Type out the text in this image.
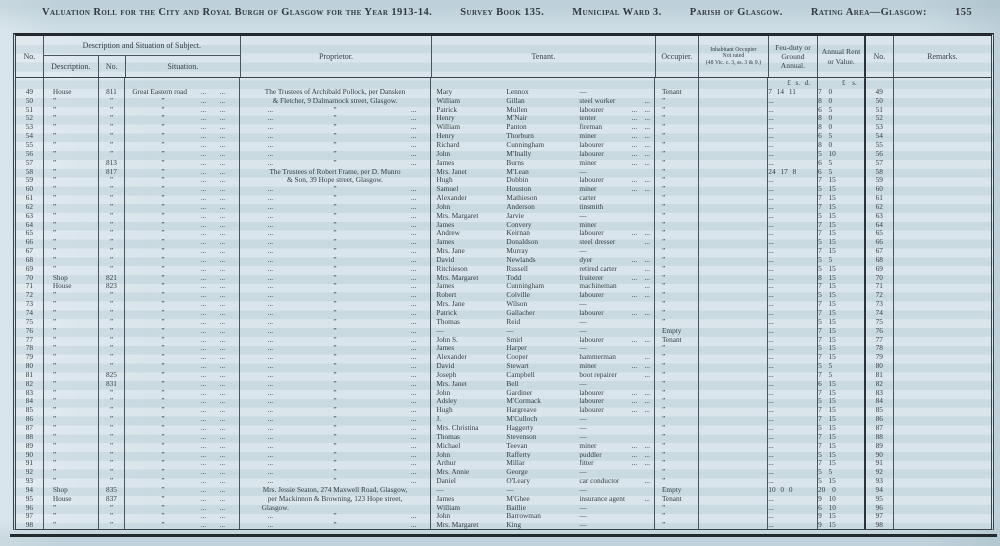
Valuation Roll for the City and Royal Burgh of Glasgow for the Year 1913-14.	Survey Book 135.	Municipal Ward 3.	Parish of Glasgow.	Rating Area—Glasgow:	155
No.
Description and Situation of Subject.
Description.	No.	Situation.
Proprietor.	Tenant.	Occupier.
Inhabitant Occupier
Not rated
(48 Vic. c. 3, ss. 3 & 9.)
Feu-duty or Ground Annual.
Annual Rent or Value.	No.	Remarks.
£ s. d.	£ s.
49	House	811	Great Eastern road	...	...	The Trustees of Archibald Pollock, per Dansken	Mary	Lennox	—	Tenant	7 14 11	7 0	49
50	”	”	”	...	...	& Fletcher, 9 Dalmarnock street, Glasgow.	William	Gillan	steel worker	...	”	...	8 0	50
51	”	”	”	...	...	...	”	...	Patrick	Mullen	labourer	... ...	”	...	6 5	51
52	”	”	”	...	...	...	”	...	Henry	M'Nair	tenter	... ...	”	...	8 0	52
53	”	”	”	...	...	...	”	...	William	Panton	fireman	... ...	”	...	8 0	53
54	”	”	”	...	...	...	”	...	Henry	Thorburn	miner	... ...	”	...	6 5	54
55	”	”	”	...	...	...	”	...	Richard	Cunningham	labourer	... ...	”	...	8 0	55
56	”	”	”	...	...	...	”	...	John	M'Inally	labourer	... ...	”	...	5 10	56
57	”	813	”	...	...	...	”	...	James	Burns	miner	... ...	”	...	6 5	57
58	”	817	”	...	...	The Trustees of Robert Frame, per D. Munro	Mrs. Janet	M'Lean	—	”	24 17 8	6 5	58
59	”	”	”	...	...	& Son, 39 Hope street, Glasgow.	Hugh	Dobbin	labourer	... ...	”	...	7 15	59
60	”	”	”	...	...	...	”	...	Samuel	Houston	miner	... ...	”	...	5 15	60
61	”	”	”	...	...	...	”	...	Alexander	Mathieson	carter	”	...	7 15	61
62	”	”	”	...	...	...	”	...	John	Anderson	tinsmith	”	...	7 15	62
63	”	”	”	...	...	...	”	...	Mrs. Margaret	Jarvie	—	”	...	5 15	63
64	”	”	”	...	...	...	”	...	James	Convery	miner	”	...	7 15	64
65	”	”	”	...	...	...	”	...	Andrew	Keirnan	labourer	... ...	”	...	7 15	65
66	”	”	”	...	...	...	”	...	James	Donaldson	steel dresser	...	”	...	5 15	66
67	”	”	”	...	...	...	”	...	Mrs. Jane	Murray	—	”	...	7 15	67
68	”	”	”	...	...	...	”	...	David	Newlands	dyer	... ...	”	...	5 5	68
69	”	”	”	...	...	...	”	...	Ritchieson	Russell	retired carter	...	”	...	5 15	69
70	Shop	821	”	...	...	...	”	...	Mrs. Margaret	Todd	fruiterer	... ...	”	...	8 15	70
71	House	823	”	...	...	...	”	...	James	Cunningham	machineman	...	”	...	7 15	71
72	”	”	”	...	...	...	”	...	Robert	Colville	labourer	... ...	”	...	5 15	72
73	”	”	”	...	...	...	”	...	Mrs. Jane	Wilson	—	”	...	7 15	73
74	”	”	”	...	...	...	”	...	Patrick	Gallacher	labourer	... ...	”	...	7 15	74
75	”	”	”	...	...	...	”	...	Thomas	Reid	—	”	...	5 15	75
76	”	”	”	...	...	...	”	...	—	—	—	Empty	...	7 15	76
77	”	”	”	...	...	...	”	...	John S.	Smirl	labourer	... ...	Tenant	...	7 15	77
78	”	”	”	...	...	...	”	...	James	Harper	—	”	...	5 15	78
79	”	”	”	...	...	...	”	...	Alexander	Cooper	hammerman	...	”	...	7 15	79
80	”	”	”	...	...	...	”	...	David	Stewart	miner	... ...	”	...	5 5	80
81	”	825	”	...	...	...	”	...	Joseph	Campbell	boot repairer	...	”	...	7 5	81
82	”	831	”	...	...	...	”	...	Mrs. Janet	Bell	—	”	...	6 15	82
83	”	”	”	...	...	...	”	...	John	Gardiner	labourer	... ...	”	...	7 15	83
84	”	”	”	...	...	...	”	...	Adsley	M'Cormack	labourer	... ...	”	...	5 15	84
85	”	”	”	...	...	...	”	...	Hugh	Hargreave	labourer	... ...	”	...	7 15	85
86	”	”	”	...	...	...	”	...	J.	M'Culloch	—	”	...	7 15	86
87	”	”	”	...	...	...	”	...	Mrs. Christina	Haggerty	—	”	...	5 15	87
88	”	”	”	...	...	...	”	...	Thomas	Stevenson	—	”	...	7 15	88
89	”	”	”	...	...	...	”	...	Michael	Teevan	miner	... ...	”	...	7 15	89
90	”	”	”	...	...	...	”	...	John	Rafferty	puddler	... ...	”	...	5 15	90
91	”	”	”	...	...	...	”	...	Arthur	Millar	fitter	... ...	”	...	7 15	91
92	”	”	”	...	...	...	”	...	Mrs. Annie	George	—	”	...	5 5	92
93	”	”	”	...	...	...	”	...	Daniel	O'Leary	car conductor	...	”	...	5 15	93
94	Shop	835	”	...	...	Mrs. Jessie Seaton, 274 Maxwell Road, Glasgow,	—	—	—	Empty	10 0 0	20 0	94
95	House	837	”	...	...	per Mackinnon & Browning, 123 Hope street,	James	M'Ghee	insurance agent	...	Tenant	...	9 10	95
96	”	”	”	...	...	Glasgow.	William	Baillie	—	”	...	6 10	96
97	”	”	”	...	...	...	”	...	John	Barrowman	—	”	...	9 15	97
98	”	”	”	...	...	...	”	...	Mrs. Margaret	King	—	”	...	9 15	98
